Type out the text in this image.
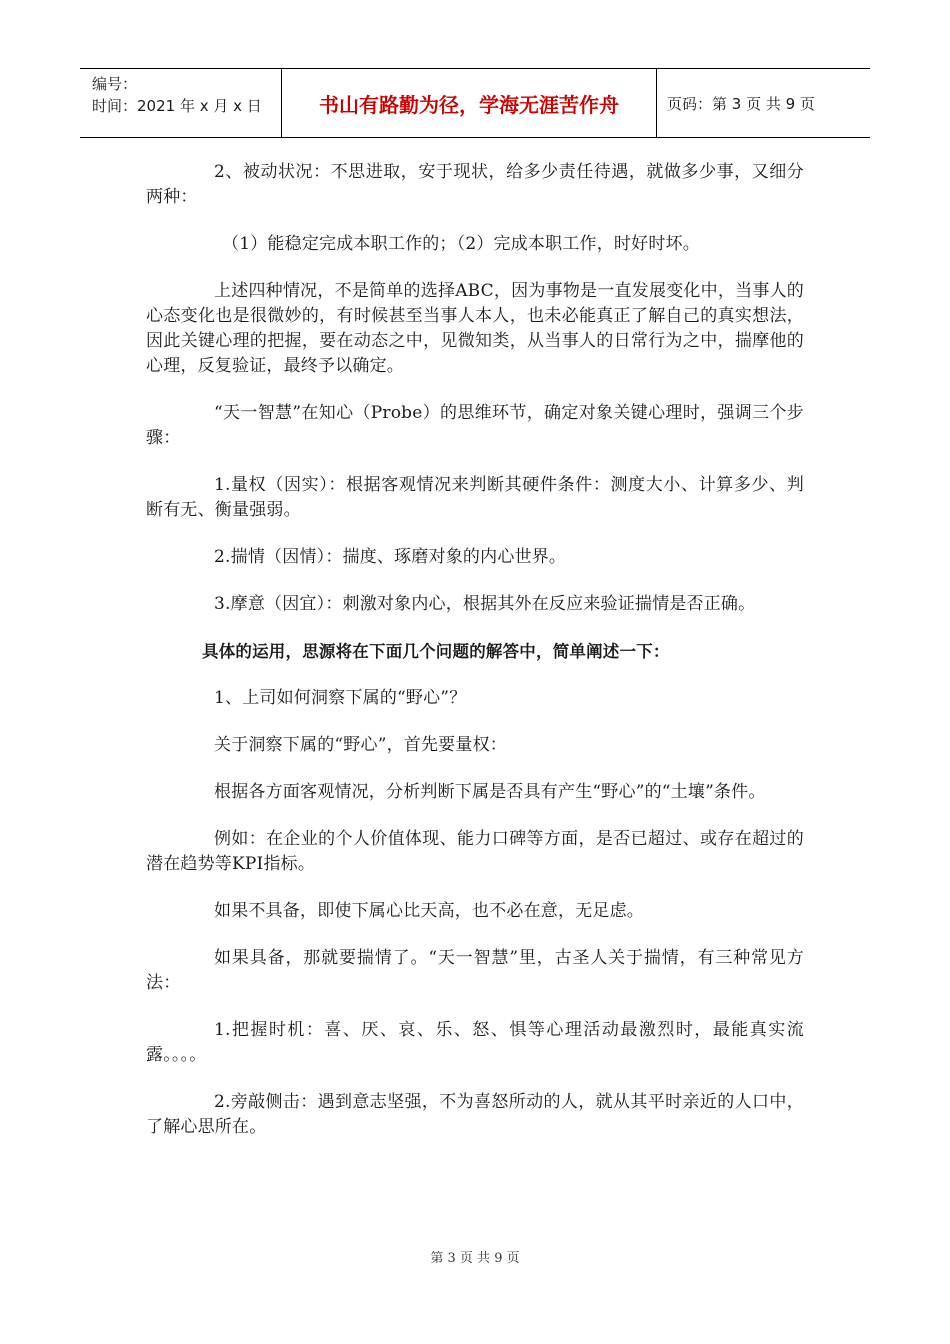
编号：
时间：2021 年 x 月 x 日	书山有路勤为径，学海无涯苦作舟	页码：第 3 页 共 9 页

2、被动状况：不思进取，安于现状，给多少责任待遇，就做多少事，又细分两种：

（1）能稳定完成本职工作的；（2）完成本职工作，时好时坏。

上述四种情况，不是简单的选择ABC，因为事物是一直发展变化中，当事人的心态变化也是很微妙的，有时候甚至当事人本人，也未必能真正了解自己的真实想法，因此关键心理的把握，要在动态之中，见微知类，从当事人的日常行为之中，揣摩他的心理，反复验证，最终予以确定。

“天一智慧”在知心（Probe）的思维环节，确定对象关键心理时，强调三个步骤：

1.量权（因实）：根据客观情况来判断其硬件条件：测度大小、计算多少、判断有无、衡量强弱。

2.揣情（因情）：揣度、琢磨对象的内心世界。

3.摩意（因宜）：刺激对象内心，根据其外在反应来验证揣情是否正确。

具体的运用，思源将在下面几个问题的解答中，简单阐述一下：

1、上司如何洞察下属的“野心”？

关于洞察下属的“野心”，首先要量权：

根据各方面客观情况，分析判断下属是否具有产生“野心”的“土壤”条件。

例如：在企业的个人价值体现、能力口碑等方面，是否已超过、或存在超过的潜在趋势等KPI指标。

如果不具备，即使下属心比天高，也不必在意，无足虑。

如果具备，那就要揣情了。“天一智慧”里，古圣人关于揣情，有三种常见方法：

1.把握时机：喜、厌、哀、乐、怒、惧等心理活动最激烈时，最能真实流露。。。。

2.旁敲侧击：遇到意志坚强，不为喜怒所动的人，就从其平时亲近的人口中，了解心思所在。

第 3 页 共 9 页
